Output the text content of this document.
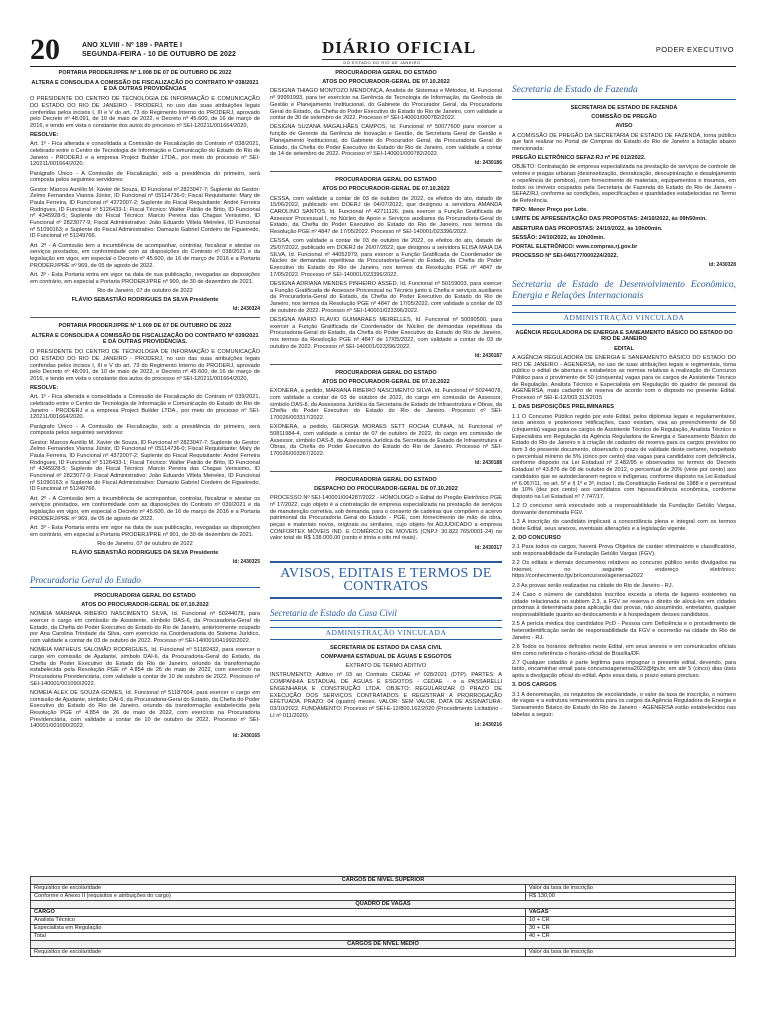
20	ANO XLVIII - Nº 189 - PARTE I
SEGUNDA-FEIRA - 10 DE OUTUBRO DE 2022	DIÁRIO OFICIAL
DO ESTADO DO RIO DE JANEIRO
PODER EXECUTIVO

PORTARIA PRODERJ/PRE Nº 1.008 DE 07 DE OUTUBRO DE 2022

ALTERA E CONSOLIDA A COMISSÃO DE FISCALIZAÇÃO DO CONTRATO Nº 038/2021 E DÁ OUTRAS PROVIDÊNCIAS

O PRESIDENTE DO CENTRO DE TECNOLOGIA DE INFORMAÇÃO E COMUNICAÇÃO DO ESTADO DO RIO DE JANEIRO - PRODERJ, no uso das suas atribuições legais conferidas pelos incisos I, III e V do art. 73 do Regimento Interno do PRODERJ, aprovado pelo Decreto nº 48.091, de 10 de maio de 2022, e Decreto nº 45.600, de 16 de março de 2016, e tendo em vista o constante dos autos do processo nº SEI-120211/001664/2020,

RESOLVE:

Art. 1º - Fica alterada e consolidada a Comissão de Fiscalização do Contrato nº 038/2021, celebrado entre o Centro de Tecnologia de Informação e Comunicação do Estado do Rio de Janeiro - PRODERJ e a empresa Project Builder LTDA., por meio do processo nº SEI-120211/001664/2020.

Parágrafo Único - A Comissão de Fiscalização, sob a presidência do primeiro, será composta pelos seguintes servidores:

Gestor: Marcos Aurélio M. Xavier de Souza, ID Funcional nº 2823047-7; Suplente do Gestor: Zelmo Fernandes Vianna Júnior, ID Funcional nº 05114736-0; Fiscal Requisitante: Mary de Paula Ferreira, ID Funcional nº 4372007-2; Suplente do Fiscal Requisitante: André Ferreira Rodrigues, ID Funcional nº 5126433-1; Fiscal Técnico: Walter Patrão de Brito, ID Funcional nº 4345928-5; Suplente do Fiscal Técnico: Marcio Pereira das Chagas Verissimo, ID Funcional nº 2823077-9; Fiscal Administrativo: João Eduardo Villela Meireles, ID Funcional nº 51090163; e Suplente do Fiscal Administrativo: Damazio Gabriel Cordeiro de Figueiredo, ID Funcional nº 51249766.

Art. 2º - A Comissão tem a incumbência de acompanhar, controlar, fiscalizar e atestar os serviços prestados, em conformidade com as disposições do Contrato nº 038/2021 e da legislação em vigor, em especial o Decreto nº 45.600, de 16 de março de 2016 e a Portaria PRODERJ/PRE nº 969, de 05 de agosto de 2022.

Art. 3º - Esta Portaria entra em vigor na data de sua publicação, revogadas as disposições em contrário, em especial a Portaria PRODERJ/PRE nº 900, de 30 de dezembro de 2021.

Rio de Janeiro, 07 de outubro de 2022

FLÁVIO SEBASTIÃO RODRIGUES DA SILVA Presidente

Id: 2430324

PORTARIA PRODERJ/PRE Nº 1.009 DE 07 DE OUTUBRO DE 2022

ALTERA E CONSOLIDA A COMISSÃO DE FISCALIZAÇÃO DO CONTRATO Nº 039/2021 E DÁ OUTRAS PROVIDÊNCIAS.

O PRESIDENTE DO CENTRO DE TECNOLOGIA DE INFORMAÇÃO E COMUNICAÇÃO DO ESTADO DO RIO DE JANEIRO - PRODERJ, no uso das suas atribuições legais conferidas pelos incisos I, III e V do art. 73 do Regimento Interno do PRODERJ, aprovado pelo Decreto nº 48.091, de 10 de maio de 2022, e Decreto nº 45.600, de 16 de março de 2016, e tendo em vista o constante dos autos do processo nº SEI-120211/001664/2020,

RESOLVE:

Art. 1º - Fica alterada e consolidada a Comissão de Fiscalização do Contrato nº 039/2021, celebrado entre o Centro de Tecnologia de Informação e Comunicação do Estado do Rio de Janeiro - PRODERJ e a empresa Project Builder LTDA., por meio do processo nº SEI-120211/001664/2020.

Parágrafo Único - A Comissão de Fiscalização, sob a presidência do primeiro, será composta pelos seguintes servidores:

Gestor: Marcos Aurélio M. Xavier de Souza, ID Funcional nº 2823047-7; Suplente do Gestor: Zelmo Fernandes Vianna Júnior, ID Funcional nº 05114736-0; Fiscal Requisitante: Mary de Paula Ferreira, ID Funcional nº 4372007-2; Suplente do Fiscal Requisitante: André Ferreira Rodrigues, ID Funcional nº 5126433-1; Fiscal Técnico: Walter Patrão de Brito, ID Funcional nº 4345928-5; Suplente do Fiscal Técnico: Marcio Pereira das Chagas Verissimo, ID Funcional nº 2823077-9; Fiscal Administrativo: João Eduardo Villela Meireles, ID Funcional nº 51090163; e Suplente do Fiscal Administrativo: Damazio Gabriel Cordeiro de Figueiredo, ID Funcional nº 51249766.

Art. 2º - A Comissão tem a incumbência de acompanhar, controlar, fiscalizar e atestar os serviços prestados, em conformidade com as disposições do Contrato nº 039/2021 e da legislação em vigor, em especial o Decreto nº 45.600, de 16 de março de 2016 e a Portaria PRODERJ/PRE nº 969, de 05 de agosto de 2022.

Art. 3º - Esta Portaria entra em vigor na data de sua publicação, revogadas as disposições em contrário, em especial a Portaria PRODERJ/PRE nº 901, de 30 de dezembro de 2021.

Rio de Janeiro, 07 de outubro de 2022

FLÁVIO SEBASTIÃO RODRIGUES DA SILVA Presidente

Id: 2430325

Procuradoria Geral do Estado

PROCURADORIA GERAL DO ESTADO

ATOS DO PROCURADOR-GERAL DE 07.10.2022

NOMEIA MARIANA RIBEIRO NASCIMENTO SILVA, Id. Funcional nº 50244078, para exercer o cargo em comissão de Assistente, símbolo DAS-6, da Procuradoria-Geral do Estado, da Chefia do Poder Executivo do Estado do Rio de Janeiro, anteriormente ocupado por Ana Carolina Trindade da Silva, com exercício na Coordenadoria do Sistema Jurídico, com validade a contar de 03 de outubro de 2022. Processo nº SEI-140001/041992/2022.

NOMEIA MATHEUS SALOMÃO RODRIGUES, Id. Funcional nº 51182432, para exercer o cargo em comissão de Ajudante, símbolo DAI-6, da Procuradoria-Geral do Estado, da Chefia do Poder Executivo do Estado do Rio de Janeiro, oriundo da transformação estabelecida pela Resolução PGE nº 4.854 de 26 de maio de 2022, com exercício na Procuradoria Previdenciária, com validade a contar de 10 de outubro de 2022. Processo nº SEI-140001/001090/2022.

NOMEIA ALEX DE SOUZA GOMES, Id. Funcional nº 51187604, para exercer o cargo em comissão de Ajudante, símbolo DAI-6, da Procuradoria-Geral do Estado, da Chefia do Poder Executivo do Estado do Rio de Janeiro, oriundo da transformação estabelecida pela Resolução PGE nº 4.854 de 26 de maio de 2022, com exercício na Procuradoria Previdenciária, com validade a contar de 10 de outubro de 2022. Processo nº SEI-140001/001090/2022.

Id: 2430165

PROCURADORIA GERAL DO ESTADO

ATOS DO PROCURADOR-GERAL DE 07.10.2022

DESIGNA THIAGO MONTOZO MENDONÇA, Analista de Sistemas e Métodos, Id. Funcional nº 99991993, para ter exercício na Gerência de Tecnologia de Informação, da Gerência de Gestão e Planejamento Institucional, do Gabinete do Procurador Geral, da Procuradoria Geral do Estado, da Chefia do Poder Executivo do Estado do Rio de Janeiro, com validade a contar de 30 de setembro de 2022. Processo nº SEI-140001/000782/2022.

DESIGNA SUZANA MAGALHÃES CAMPOS, Id. Funcional nº 50077600 para exercer a função de Gerente da Gerência de Inovação e Gestão, da Secretaria Geral de Gestão e Planejamento Institucional, do Gabinete do Procurador Geral, da Procuradoria Geral do Estado, da Chefia do Poder Executivo do Estado do Rio de Janeiro, com validade a contar de 14 de setembro de 2022. Processo nº SEI-140001/000782/2022.

Id: 2430186

PROCURADORIA GERAL DO ESTADO

ATOS DO PROCURADOR-GERAL DE 07.10.2022

CESSA, com validade a contar de 03 de outubro de 2022, os efeitos do ato, datado de 15/06/2022, publicado em DOERJ de 04/07/2022, que designou a servidora AMANDA CAROLINO SANTOS, Id. Funcional nº 42711126, para exercer a Função Gratificada de Assessor Processual I, no Núcleo de Apoio e Serviços auxiliares da Procuradoria-Geral do Estado, da Chefia do Poder Executivo do Estado do Rio de Janeiro, nos termos da Resolução PGE nº 4847 de 17/05/2022. Processo nº SEI-140001/023396/2022.

CESSA, com validade a contar de 03 de outubro de 2022, os efeitos do ato, datado de 25/07/2022, publicado em DOERJ de 26/07/2022, que designou a servidora ELISA MAIA DA SILVA, Id. Funcional nº 44052979, para exercer a Função Gratificada de Coordenador de Núcleo de demandas repetitivas da Procuradoria-Geral do Estado, da Chefia do Poder Executivo do Estado do Rio de Janeiro, nos termos da Resolução PGE nº 4847 de 17/05/2022. Processo nº SEI-140001/023396/2022.

DESIGNA ADRIANA MENDES PINHEIRO ASSED, Id. Funcional nº 50159003, para exercer a Função Gratificada de Assessor Processual ou Técnico junto à Chefia e serviços auxiliares da Procuradoria-Geral do Estado, da Chefia do Poder Executivo do Estado do Rio de Janeiro, nos termos da Resolução PGE nº 4847 de 17/05/2022, com validade a contar de 03 de outubro de 2022. Processo nº SEI-140001/023396/2022.

DESIGNA MARIO FLAVIO GUIMARAES MEIRELLES, Id. Funcional nº 50090500, para exercer a Função Gratificada de Coordenador de Núcleo de demandas repetitivas da Procuradoria-Geral do Estado, da Chefia do Poder Executivo do Estado do Rio de Janeiro, nos termos da Resolução PGE nº 4847 de 17/05/2022, com validade a contar de 03 de outubro de 2022. Processo nº SEI-140001/023396/2022.

Id: 2430187

PROCURADORIA GERAL DO ESTADO

ATOS DO PROCURADOR-GERAL DE 07.10.2022

EXONERA, a pedido, MARIANA RIBEIRO NASCIMENTO SILVA, Id. Funcional nº 50244078, com validade a contar de 03 de outubro de 2022, do cargo em comissão de Assessor, símbolo DAS-8, da Assessoria Jurídica da Secretaria de Estado de Infraestrutura e Obras, da Chefia do Poder Executivo do Estado do Rio de Janeiro. Processo nº SEI-170026/003317/2022.

EXONERA, a pedido, GEORGIA MORAES SETT ROCHA CUNHA, Id. Funcional nº 50811984-4, com validade a contar de 07 de outubro de 2022, do cargo em comissão de Assessor, símbolo DAS-8, da Assessoria Jurídica da Secretaria de Estado de Infraestrutura e Obras, da Chefia do Poder Executivo do Estado do Rio de Janeiro. Processo nº SEI-170026/003367/2022.

Id: 2430188

PROCURADORIA GERAL DO ESTADO

DESPACHO DO PROCURADOR-GERAL DE 07.10.2022

PROCESSO Nº SEI-140001/004287/2022 - HOMOLOGO o Edital do Pregão Eletrônico PGE nº 17/2022, cujo objeto é a contratação de empresa especializada na prestação de serviços de manutenção corretiva, sob demanda, para o conserto de cadeiras que compõem o acervo patrimonial da Procuradoria Geral do Estado - PGE, com fornecimento de mão de obra, peças e materiais novos, originais ou similares, cujo objeto foi ADJUDICADO a empresa CONFORTEX MÓVEIS IND. E COMÉRCIO DE MOVEIS (CNPJ: 30.822.765/0001-24) no valor total de R$ 138.000,00 (cento e trinta e oito mil reais).

Id: 2430317

AVISOS, EDITAIS E TERMOS DE CONTRATOS
Secretaria de Estado da Casa Civil
ADMINISTRAÇÃO VINCULADA

SECRETARIA DE ESTADO DA CASA CIVIL

COMPANHIA ESTADUAL DE ÁGUAS E ESGOTOS

EXTRATO DE TERMO ADITIVO

INSTRUMENTO: Aditivo nº 03 ao Contrato CEDAE nº 028/2021 (DTP). PARTES: A COMPANHIA ESTADUAL DE ÁGUAS E ESGOTOS - CEDAE - e a PASSARELLI ENGENHARIA E CONSTRUÇÃO LTDA. OBJETO: REGULARIZAR O PRAZO DE EXECUÇÃO DOS SERVIÇOS CONTRATADOS E REGISTRAR A PRORROGAÇÃO EFETUADA. PRAZO: 04 (quatro) meses. VALOR: SEM VALOR. DATA DE ASSINATURA: 03/10/2022. FUNDAMENTO: Processo nº SEI-E-12/800.162/2020 (Procedimento Licitatório - LI nº 011/2020).

Id: 2430216

Secretaria de Estado de Fazenda

SECRETARIA DE ESTADO DE FAZENDA

COMISSÃO DE PREGÃO

AVISO

A COMISSÃO DE PREGÃO DA SECRETARIA DE ESTADO DE FAZENDA, torna público que fará realizar no Portal de Compras do Estado do Rio de Janeiro a licitação abaixo mencionada:

PREGÃO ELETRÔNICO SEFAZ-RJ nº PE 012/2022.

OBJETO: Contratação de empresa especializada na prestação de serviços de controle de vetores e pragas urbanas (desinsetização, desratização, descupinização e desalojamento e repelência de pombos), com fornecimento de materiais, equipamentos e insumos, em todos os imóveis ocupados pela Secretaria de Fazenda do Estado do Rio de Janeiro - SEFAZ/RJ, conforme as condições, especificações e quantidades estabelecidas no Termo de Referência.

TIPO: Menor Preço por Lote.

LIMITE DE APRESENTAÇÃO DAS PROPOSTAS: 24/10/2022, às 09h50min.

ABERTURA DAS PROPOSTAS: 24/10/2022, às 10h00min.

SESSÃO: 24/10/2022, às 10h00min.

PORTAL ELETRÔNICO: www.compras.rj.gov.br

PROCESSO Nº SEI-040177/000224/2022.

Id: 2430328

Secretaria de Estado de Desenvolvimento Econômico, Energia e Relações Internacionais
ADMINISTRAÇÃO VINCULADA

AGÊNCIA REGULADORA DE ENERGIA E SANEAMENTO BÁSICO DO ESTADO DO RIO DE JANEIRO

EDITAL

A AGÊNCIA REGULADORA DE ENERGIA E SANEAMENTO BÁSICO DO ESTADO DO RIO DE JANEIRO - AGENERSA, no uso de suas atribuições legais e regimentais, torna público o edital de abertura e estabelece as normas relativas à realização do Concurso Público para o provimento de 50 (cinquenta) vagas para os cargos de Assistente Técnico de Regulação, Analista Técnico e Especialista em Regulação do quadro de pessoal da AGENERSA, mais cadastro de reserva de acordo com o disposto no presente Edital. Processo nº SEI-E-12/003.313/2015

1. DAS DISPOSIÇÕES PRELIMINARES

1.1 O Concurso Público regido por este Edital, pelos diplomas legais e regulamentares, seus anexos e posteriores retificações, caso existam, visa ao preenchimento de 50 (cinquenta) vagas para os cargos de Assistente Técnico de Regulação, Analista Técnico e Especialista em Regulação da Agência Reguladora de Energia e Saneamento Básico do Estado do Rio de Janeiro e à criação de cadastro de reserva para os cargos previstos no item 3 do presente documento, observado o prazo de validade deste certame, respeitado o percentual mínimo de 5% (cinco por cento) das vagas para candidatos com deficiência, conforme disposto na Lei Estadual nº 2.482/95 e observados os termos do Decreto Estadual nº 43.876 de 08 de outubro de 2012, o percentual de 20% (vinte por cento) aos candidatos que se autodeclararem negros e indígenas, conforme disposto na Lei Estadual nº 6.067/11, no art. 5º e § 1º e 3º, inciso I, da Constituição Federal de 1988 e o percentual de 10% (dez por cento) aos candidatos com hipossuficiência econômica, conforme disposto na Lei Estadual nº 7.747/17.

1.2 O concurso será executado sob a responsabilidade da Fundação Getúlio Vargas, doravante denominada FGV.

1.3 A inscrição do candidato implicará a concordância plena e integral com os termos deste Edital, seus anexos, eventuais alterações e a legislação vigente.

2. DO CONCURSO

2.1 Para todos os cargos, haverá Prova Objetiva de caráter eliminatório e classificatório, sob responsabilidade da Fundação Getúlio Vargas (FGV).

2.2 Os editais e demais documentos relativos ao concurso público serão divulgados na Internet, no seguinte endereço eletrônico: https://conhecimento.fgv.br/concursos/agenersa2022

2.3 As provas serão realizadas na cidade do Rio de Janeiro - RJ.

2.4 Caso o número de candidatos inscritos exceda a oferta de lugares existentes na cidade relacionada no subitem 2.3, a FGV se reserva o direito de alocá-los em cidades próximas à determinada para aplicação das provas, não assumindo, entretanto, qualquer responsabilidade quanto ao deslocamento e à hospedagem desses candidatos.

2.5 A perícia médica dos candidatos PcD - Pessoa com Deficiência e o procedimento de heteroidentificação serão de responsabilidade da FGV e ocorrerão na cidade do Rio de Janeiro - RJ.

2.6 Todos os horários definidos neste Edital, em seus anexos e em comunicados oficiais têm como referência o horário oficial de Brasília/DF.

2.7 Qualquer cidadão é parte legítima para impugnar o presente edital, devendo, para tanto, encaminhar email para concursoagenersa2022@fgv.br, em até 5 (cinco) dias úteis após a divulgação oficial do edital. Após essa data, o prazo estará precluso.

3. DOS CARGOS

3.1 A denominação, os requisitos de escolaridade, o valor da taxa de inscrição, o número de vagas e a estrutura remuneratória para os cargos da Agência Reguladora de Energia e Saneamento Básico do Estado do Rio de Janeiro - AGENERSA estão estabelecidos nas tabelas a seguir:

CARGOS DE NÍVEL SUPERIOR	
Requisitos de escolaridade	Valor da taxa de inscrição
Conforme o Anexo II (requisitos e atribuições do cargo)	R$ 130,00
QUADRO DE VAGAS	
CARGO	VAGAS
Analista Técnico	10 + CR
Especialista em Regulação	30 + CR
Total	40 + CR
CARGOS DE NÍVEL MÉDIO	
Requisitos de escolaridade	Valor da taxa de inscrição
